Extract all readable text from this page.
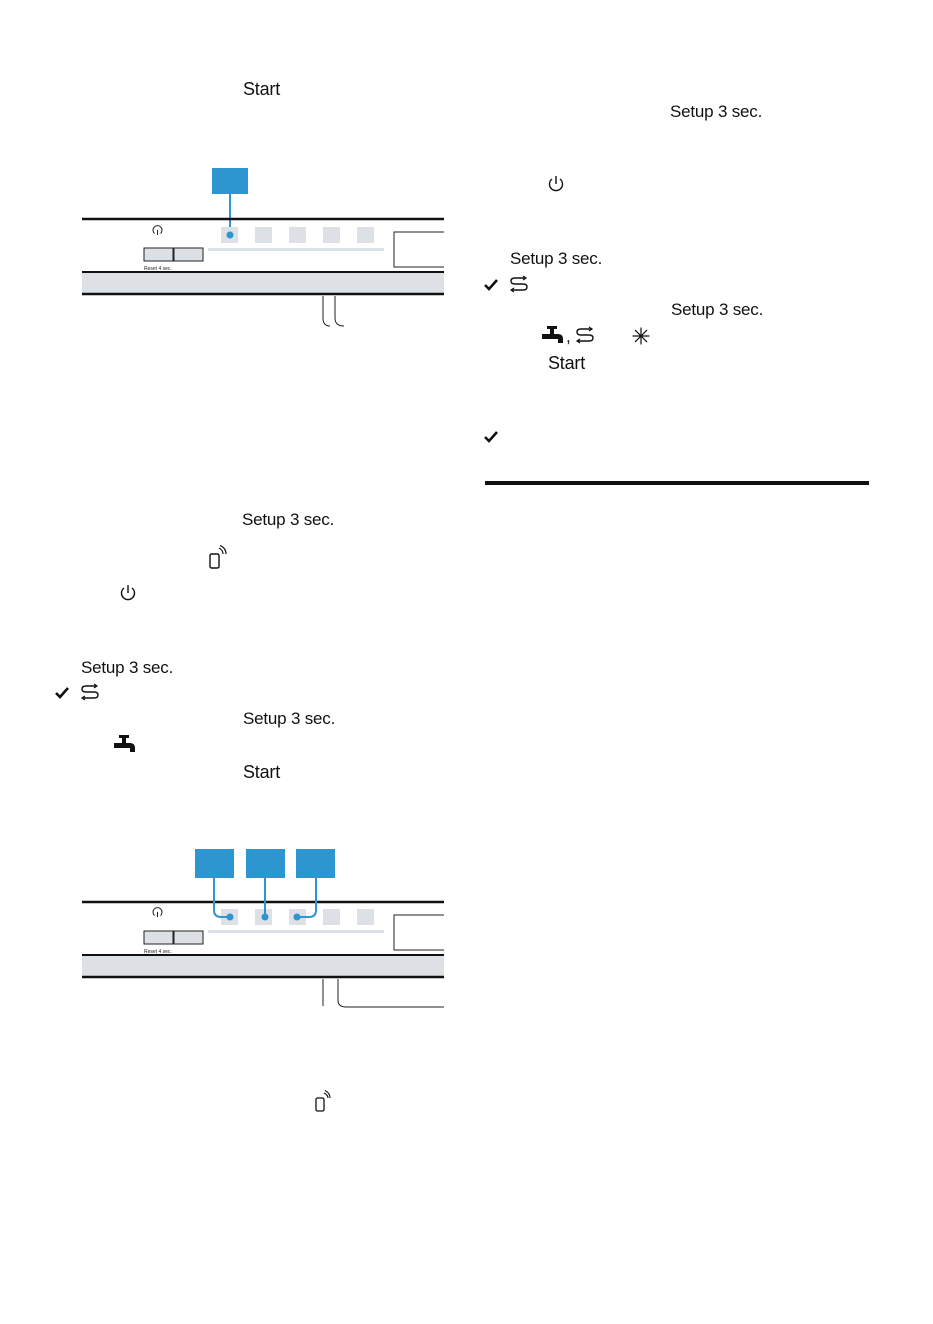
Start
Reset 4 sec.
Setup 3 sec.
Setup 3 sec.
Setup 3 sec.
Start
Reset 4 sec.
Setup 3 sec.
Setup 3 sec.
Setup 3 sec.
,
Start
